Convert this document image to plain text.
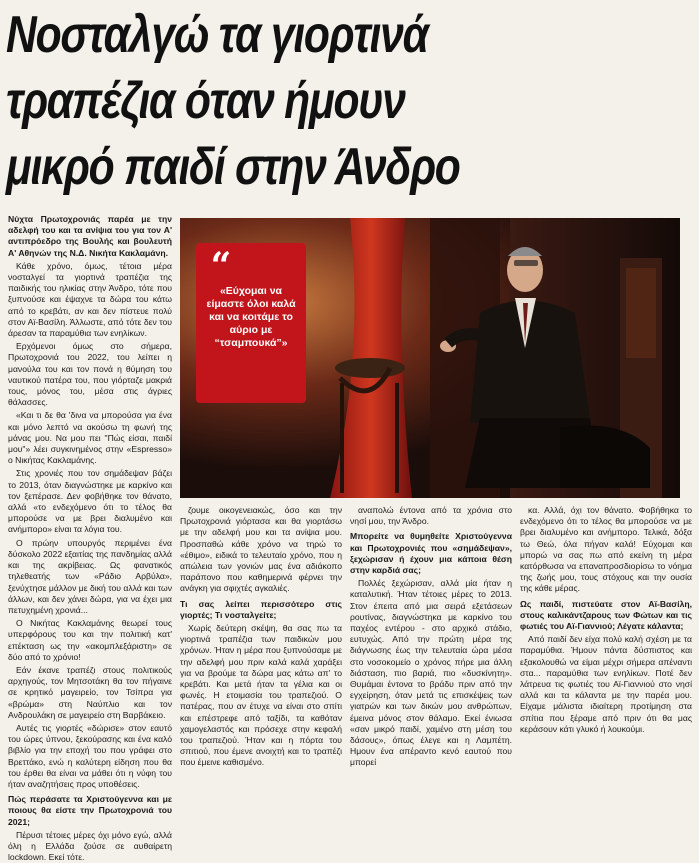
Νοσταλγώ τα γιορτινά
τραπέζια όταν ήμουν
μικρό παιδί στην Άνδρο

Νύχτα Πρωτοχρονιάς παρέα με την αδελφή του και τα ανίψια του για τον Α' αντιπρόεδρο της Βουλής και βουλευτή Α' Αθηνών της Ν.Δ. Νικήτα Κακλαμάνη.

Κάθε χρόνο, όμως, τέτοια μέρα νοσταλγεί τα γιορτινά τραπέζια της παιδικής του ηλικίας στην Άνδρο, τότε που ξυπνούσε και έψαχνε τα δώρα του κάτω από το κρεβάτι, αν και δεν πίστευε πολύ στον Αϊ-Βασίλη. Άλλωστε, από τότε δεν του άρεσαν τα παραμύθια των ενηλίκων.

Ερχόμενοι όμως στο σήμερα, Πρωτοχρονιά του 2022, του λείπει η μανούλα του και τον πονά η θύμηση του ναυτικού πατέρα του, που γιόρταζε μακριά τους, μόνος του, μέσα στις άγριες θάλασσες.

«Και τι δε θα 'δινα να μπορούσα για ένα και μόνο λεπτό να ακούσω τη φωνή της μάνας μου. Να μου πει "Πώς είσαι, παιδί μου"» λέει συγκινημένος στην «Espresso» ο Νικήτας Κακλαμάνης.

Στις χρονιές που τον σημάδεψαν βάζει το 2013, όταν διαγνώστηκε με καρκίνο και τον ξεπέρασε. Δεν φοβήθηκε τον θάνατο, αλλά «το ενδεχόμενο ότι το τέλος θα μπορούσε να με βρει διαλυμένο και ανήμπορο» είναι τα λόγια του.

Ο πρώην υπουργός περιμένει ένα δύσκολο 2022 εξαιτίας της πανδημίας αλλά και της ακρίβειας. Ως φανατικός τηλεθεατής των «Ράδιο Αρβύλα», ξενύχτησε μάλλον με δική του αλλά και των άλλων, και δεν χάνει δώρα, για να έχει μια πετυχημένη χρονιά...

Ο Νικήτας Κακλαμάνης θεωρεί τους υπερφόρους του και την πολιτική κατ' επέκταση ως την «ακομπλεξάριστη» σε δύο από το χρόνιο!

Εάν έκανε τραπέζι στους πολιτικούς αρχηγούς, τον Μητσοτάκη θα τον πήγαινε σε κρητικό μαγειρείο, τον Τσίπρα για «βρώμα» στη Ναύπλιο και τον Ανδρουλάκη σε μαγειρείο στη Βαρβάκειο.

Αυτές τις γιορτές «δώρισε» στον εαυτό του ώρες ύπνου, ξεκούρασης και ένα καλό βιβλίο για την εποχή του που γράφει στο Βρεττάκο, ενώ η καλύτερη είδηση που θα του έρθει θα είναι να μάθει ότι η νύφη του ήταν αναζητήσεις προς υποθέσεις.

Πώς περάσατε τα Χριστούγεννα και με ποιους θα είστε την Πρωτοχρονιά του 2021;

Πέρυσι τέτοιες μέρες όχι μόνο εγώ, αλλά όλη η Ελλάδα ζούσε σε αυθαίρετη lockdown. Εκεί τότε.

“
«Εύχομαι να είμαστε όλοι καλά και να κοιτάμε το αύριο με “τσαμπουκά”»

ζουμε οικογενειακώς, όσο και την Πρωτοχρονιά γιόρτασα και θα γιορτάσω με την αδελφή μου και τα ανίψια μου. Προσπαθώ κάθε χρόνο να τηρώ το «έθιμο», ειδικά το τελευταίο χρόνο, που η απώλεια των γονιών μας ένα αδιάκοπο παράπονο που καθημερινά φέρνει την ανάγκη για σφιχτές αγκαλιές.

Τι σας λείπει περισσότερο στις γιορτές; Τι νοσταλγείτε;

Χωρίς δεύτερη σκέψη, θα σας πω τα γιορτινά τραπέζια των παιδικών μου χρόνων. Ήταν η μέρα που ξυπνούσαμε με την αδελφή μου πριν καλά καλά χαράξει για να βρούμε τα δώρα μας κάτω απ' το κρεβάτι. Και μετά ήταν τα γέλια και οι φωνές. Η ετοιμασία του τραπεζιού. Ο πατέρας, που αν έτυχε να είναι στο σπίτι και επέστρεφε από ταξίδι, τα καθόταν χαμογελαστός και πρόσεχε στην κεφαλή του τραπεζιού. Ήταν και η πόρτα του σπιτιού, που έμενε ανοιχτή και το τραπέζι που έμεινε καθισμένο.

αναπολώ έντονα από τα χρόνια στο νησί μου, την Άνδρο.

Μπορείτε να θυμηθείτε Χριστούγεννα και Πρωτοχρονιές που «σημάδεψαν», ξεχώρισαν ή έχουν μια κάποια θέση στην καρδιά σας;

Πολλές ξεχώρισαν, αλλά μία ήταν η καταλυτική. Ήταν τέτοιες μέρες το 2013. Στον έπειτα από μια σειρά εξετάσεων ρουτίνας, διαγνώστηκα με καρκίνο του παχέος εντέρου - στο αρχικό στάδιο, ευτυχώς. Από την πρώτη μέρα της διάγνωσης έως την τελευταία ώρα μέσα στο νοσοκομείο ο χρόνος πήρε μια άλλη διάσταση, πιο βαριά, πιο «δυσκίνητη». Θυμάμαι έντονα το βράδυ πριν από την εγχείρηση, όταν μετά τις επισκέψεις των γιατρών και των δικών μου ανθρώπων, έμεινα μόνος στον θάλαμο. Εκεί ένιωσα «σαν μικρό παιδί, χαμένο στη μέση του δάσους», όπως έλεγε και η Λαμπέτη. Ημουν ένα απέραντο κενό εαυτού που μπορεί

κα. Αλλά, όχι τον θάνατο. Φοβήθηκα το ενδεχόμενο ότι το τέλος θα μπορούσε να με βρει διαλυμένο και ανήμπορο. Τελικά, δόξα τω Θεώ, όλα πήγαν καλά! Εύχομαι και μπορώ να σας πω από εκείνη τη μέρα κατόρθωσα να επαναπροσδιορίσω το νόημα της ζωής μου, τους στόχους και την ουσία της κάθε μέρας.

Ως παιδί, πιστεύατε στον Αϊ-Βασίλη, στους καλικάντζαρους των Φώτων και τις φωτιές του Αϊ-Γιαννιού; Λέγατε κάλαντα;

Από παιδί δεν είχα πολύ καλή σχέση με τα παραμύθια. Ήμουν πάντα δύσπιστος και εξακολουθώ να είμαι μέχρι σήμερα απέναντι στα... παραμύθια των ενηλίκων. Ποτέ δεν λάτρευα τις φωτιές του Αϊ-Γιαννιού στο νησί αλλά και τα κάλαντα με την παρέα μου. Είχαμε μάλιστα ιδιαίτερη προτίμηση στα σπίτια που ξέραμε από πριν ότι θα μας κεράσουν κάτι γλυκό ή λουκούμι.
